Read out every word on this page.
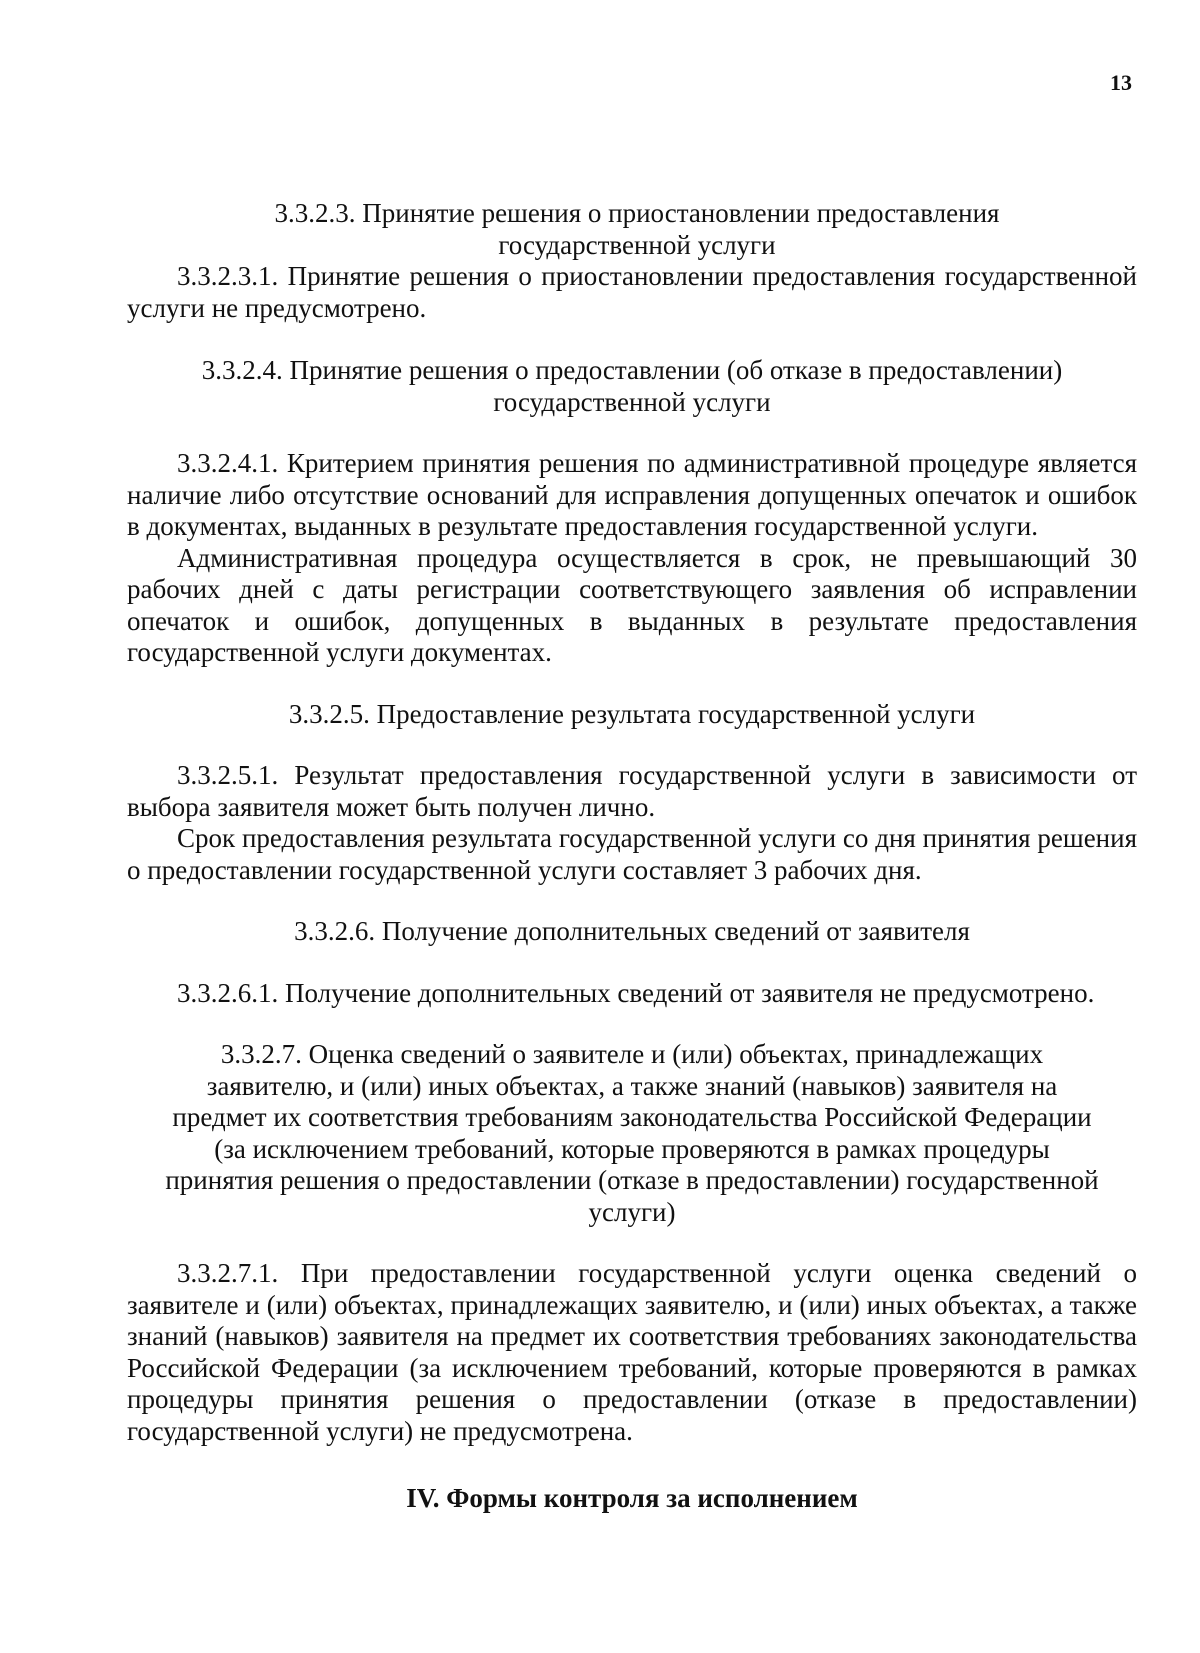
13

3.3.2.3. Принятие решения о приостановлении предоставления государственной услуги

3.3.2.3.1. Принятие решения о приостановлении предоставления государственной услуги не предусмотрено.

3.3.2.4. Принятие решения о предоставлении (об отказе в предоставлении) государственной услуги

3.3.2.4.1. Критерием принятия решения по административной процедуре является наличие либо отсутствие оснований для исправления допущенных опечаток и ошибок в документах, выданных в результате предоставления государственной услуги.

Административная процедура осуществляется в срок, не превышающий 30 рабочих дней с даты регистрации соответствующего заявления об исправлении опечаток и ошибок, допущенных в выданных в результате предоставления государственной услуги документах.

3.3.2.5. Предоставление результата государственной услуги

3.3.2.5.1. Результат предоставления государственной услуги в зависимости от выбора заявителя может быть получен лично.

Срок предоставления результата государственной услуги со дня принятия решения о предоставлении государственной услуги составляет 3 рабочих дня.

3.3.2.6. Получение дополнительных сведений от заявителя

3.3.2.6.1. Получение дополнительных сведений от заявителя не предусмотрено.

3.3.2.7. Оценка сведений о заявителе и (или) объектах, принадлежащих заявителю, и (или) иных объектах, а также знаний (навыков) заявителя на предмет их соответствия требованиям законодательства Российской Федерации (за исключением требований, которые проверяются в рамках процедуры принятия решения о предоставлении (отказе в предоставлении) государственной услуги)

3.3.2.7.1. При предоставлении государственной услуги оценка сведений о заявителе и (или) объектах, принадлежащих заявителю, и (или) иных объектах, а также знаний (навыков) заявителя на предмет их соответствия требованиях законодательства Российской Федерации (за исключением требований, которые проверяются в рамках процедуры принятия решения о предоставлении (отказе в предоставлении) государственной услуги) не предусмотрена.

IV. Формы контроля за исполнением
